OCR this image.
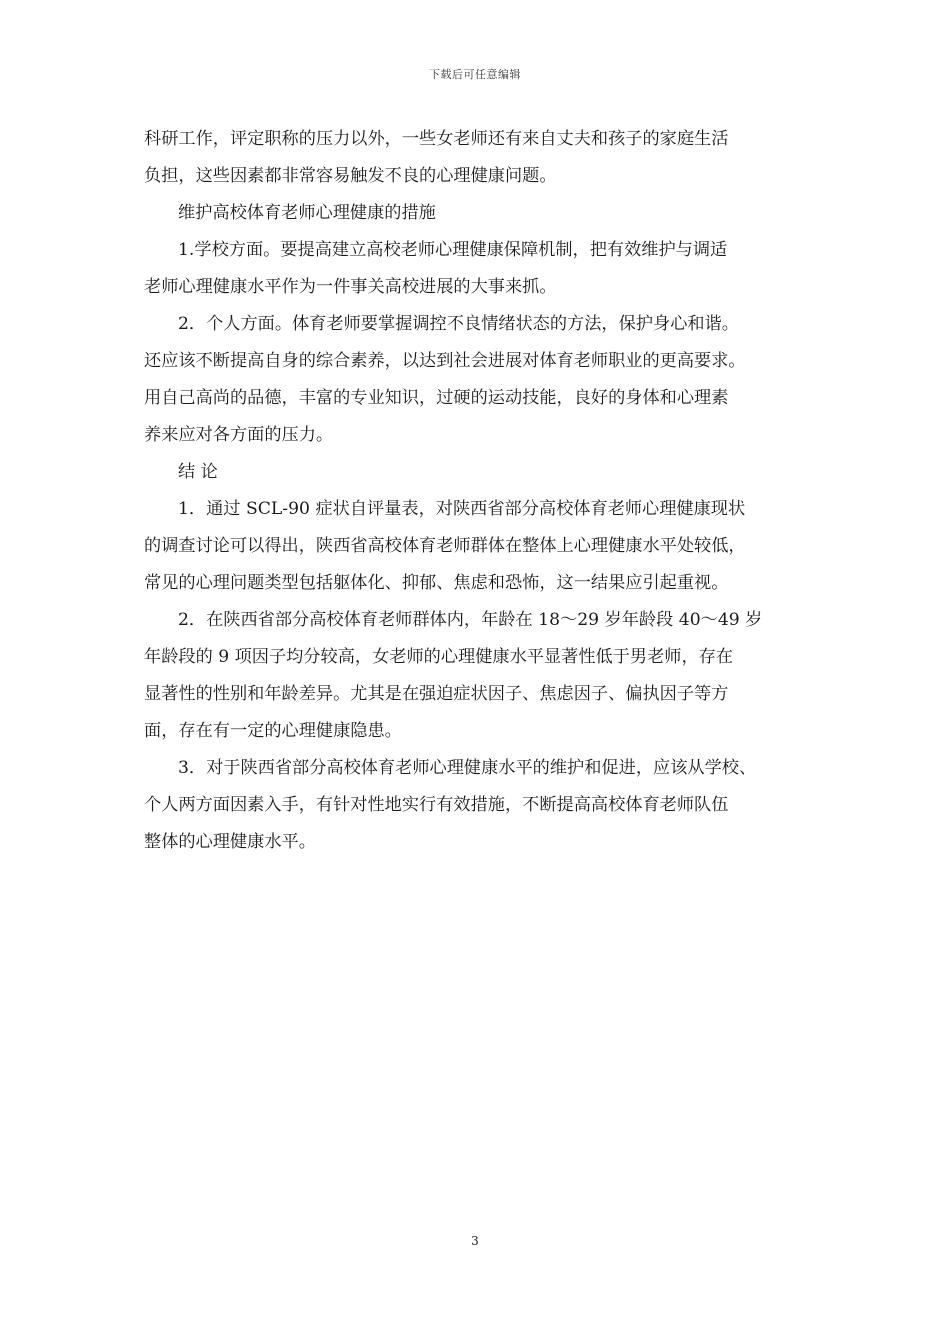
下载后可任意编辑
科研工作，评定职称的压力以外，一些女老师还有来自丈夫和孩子的家庭生活
负担，这些因素都非常容易触发不良的心理健康问题。
维护高校体育老师心理健康的措施
1.学校方面。要提高建立高校老师心理健康保障机制，把有效维护与调适
老师心理健康水平作为一件事关高校进展的大事来抓。
2．个人方面。体育老师要掌握调控不良情绪状态的方法，保护身心和谐。
还应该不断提高自身的综合素养，以达到社会进展对体育老师职业的更高要求。
用自己高尚的品德，丰富的专业知识，过硬的运动技能，良好的身体和心理素
养来应对各方面的压力。
结 论
1．通过 SCL-90 症状自评量表，对陕西省部分高校体育老师心理健康现状
的调查讨论可以得出，陕西省高校体育老师群体在整体上心理健康水平处较低，
常见的心理问题类型包括躯体化、抑郁、焦虑和恐怖，这一结果应引起重视。
2．在陕西省部分高校体育老师群体内，年龄在 18～29 岁年龄段 40～49 岁
年龄段的 9 项因子均分较高，女老师的心理健康水平显著性低于男老师，存在
显著性的性别和年龄差异。尤其是在强迫症状因子、焦虑因子、偏执因子等方
面，存在有一定的心理健康隐患。
3．对于陕西省部分高校体育老师心理健康水平的维护和促进，应该从学校、
个人两方面因素入手，有针对性地实行有效措施，不断提高高校体育老师队伍
整体的心理健康水平。
3
